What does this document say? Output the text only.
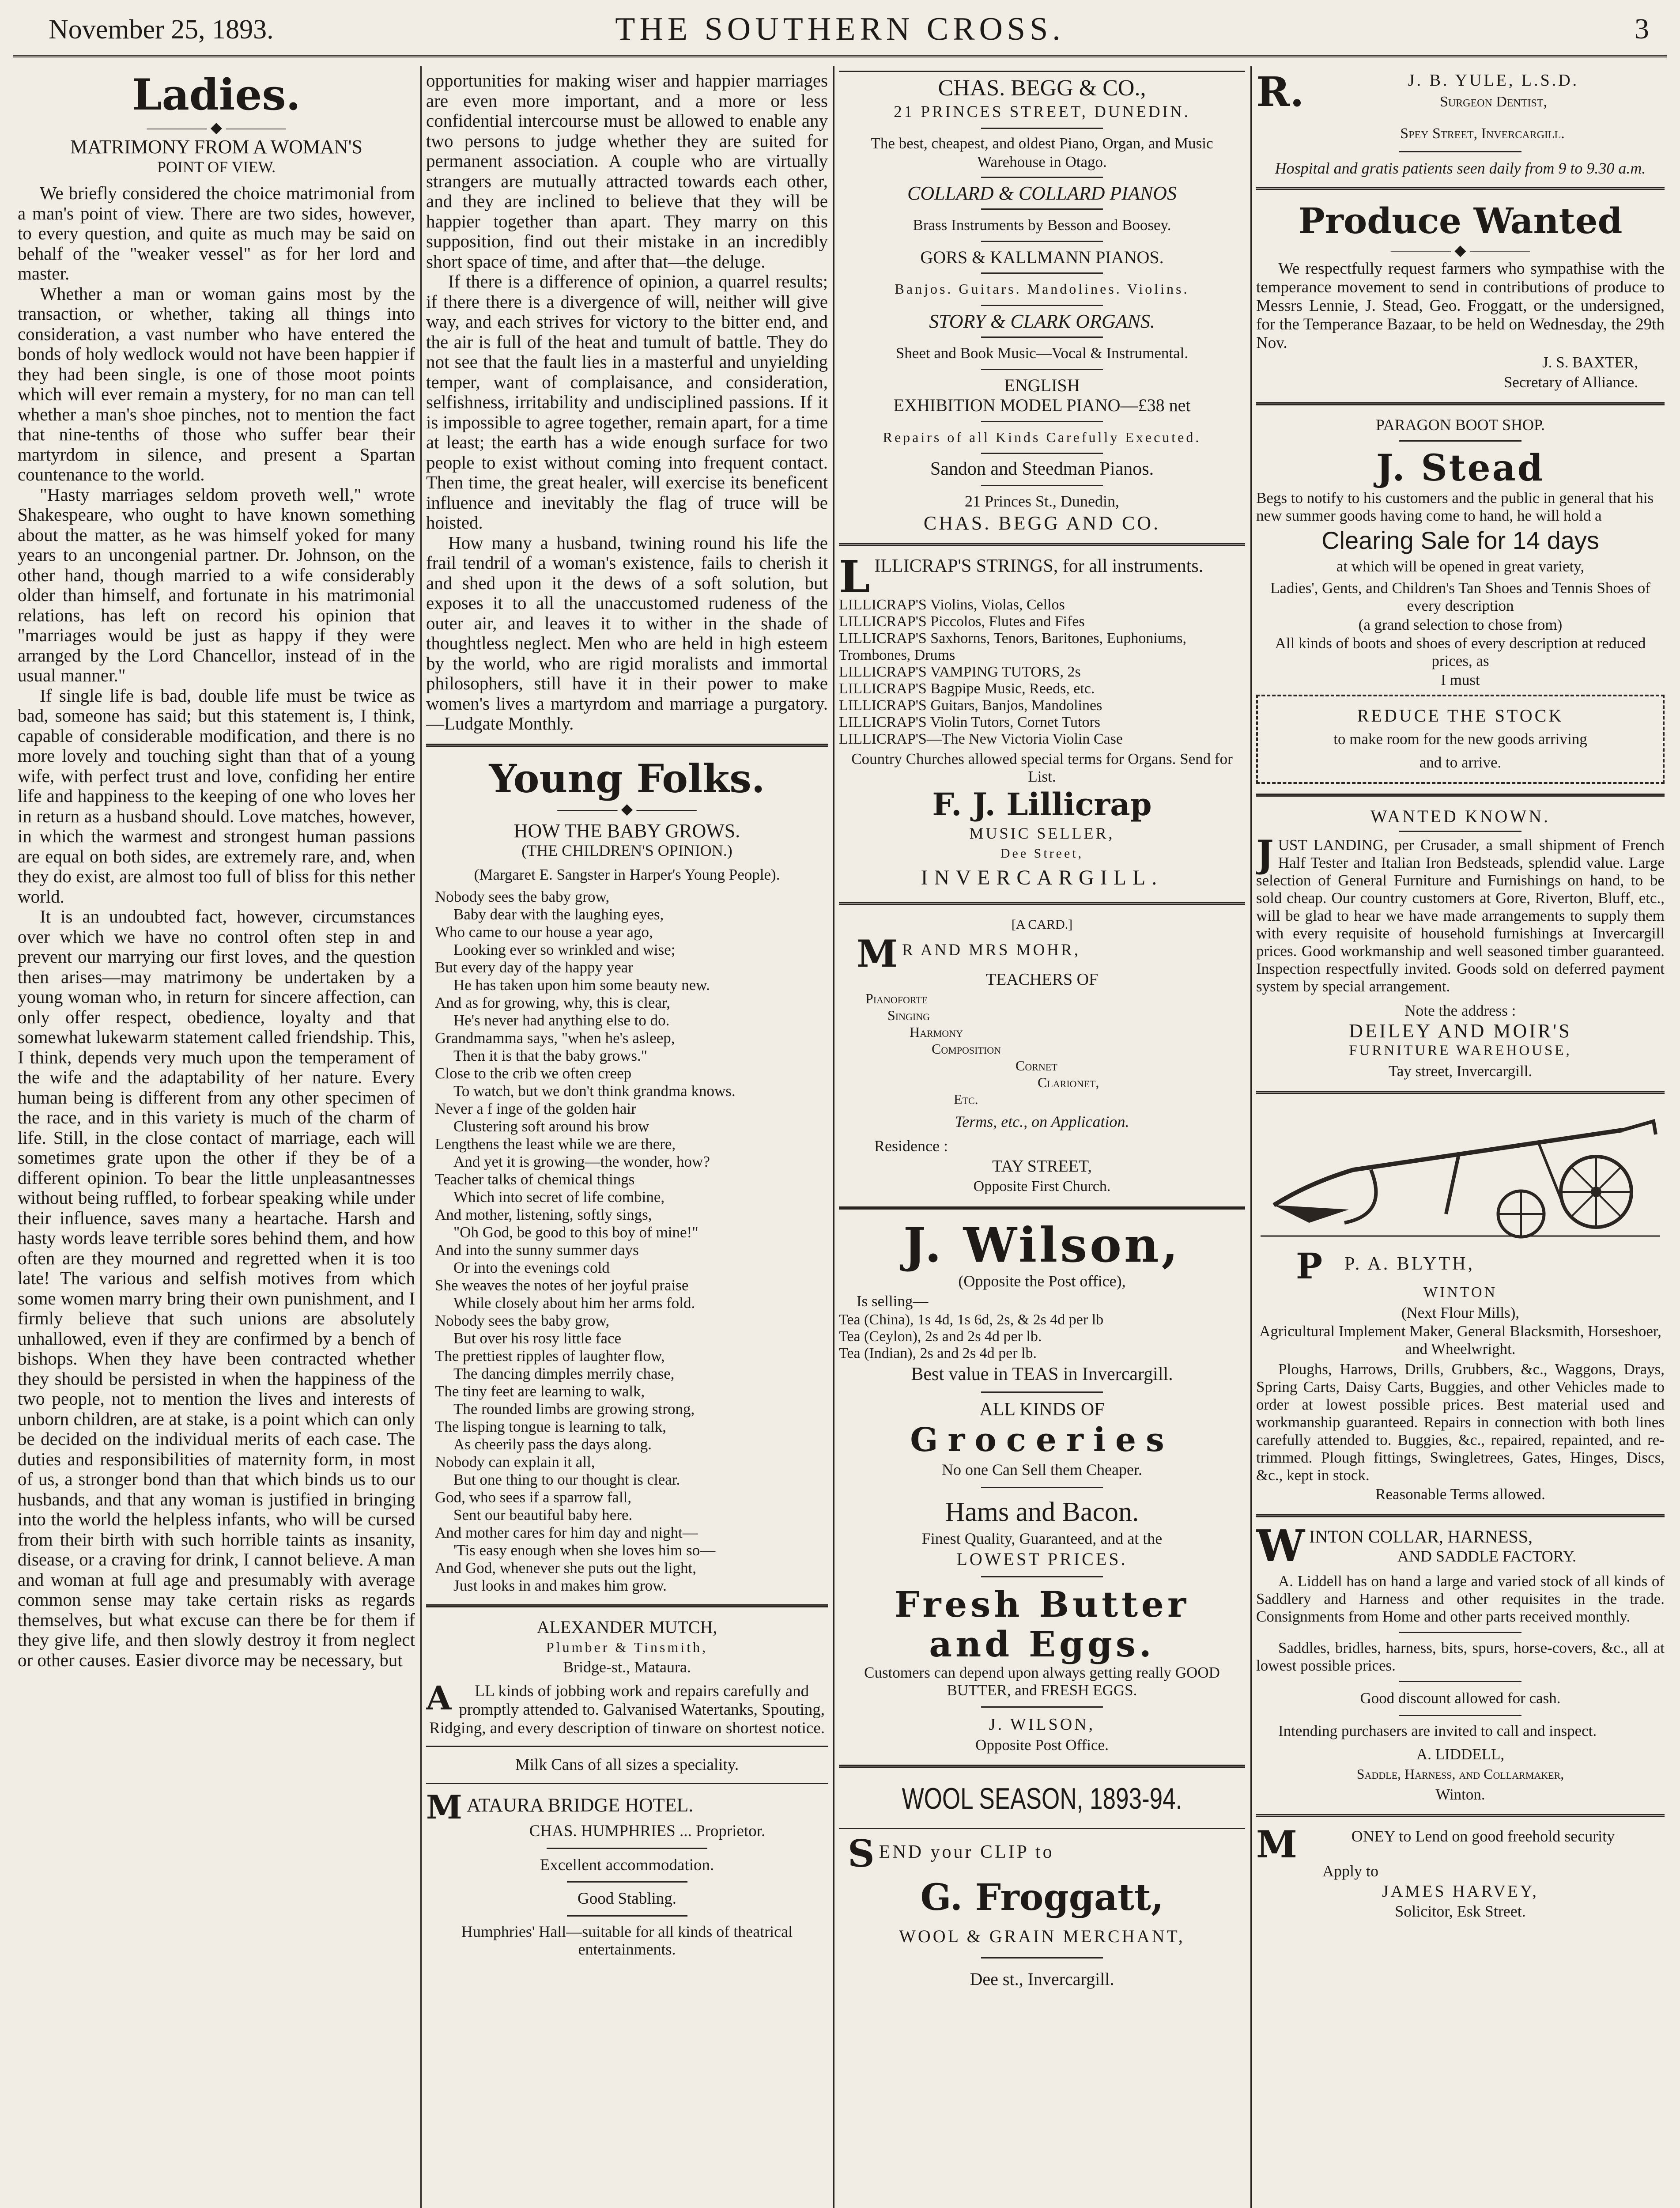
November 25, 1893.	THE SOUTHERN CROSS.	3
Ladies.
———— ◆ ————
MATRIMONY FROM A WOMAN'S
POINT OF VIEW.

We briefly considered the choice matrimonial from a man's point of view. There are two sides, however, to every question, and quite as much may be said on behalf of the "weaker vessel" as for her lord and master.

Whether a man or woman gains most by the transaction, or whether, taking all things into consideration, a vast number who have entered the bonds of holy wedlock would not have been happier if they had been single, is one of those moot points which will ever remain a mystery, for no man can tell whether a man's shoe pinches, not to mention the fact that nine-tenths of those who suffer bear their martyrdom in silence, and present a Spartan countenance to the world.

"Hasty marriages seldom proveth well," wrote Shakespeare, who ought to have known something about the matter, as he was himself yoked for many years to an uncongenial partner. Dr. Johnson, on the other hand, though married to a wife considerably older than himself, and fortunate in his matrimonial relations, has left on record his opinion that "marriages would be just as happy if they were arranged by the Lord Chancellor, instead of in the usual manner."

If single life is bad, double life must be twice as bad, someone has said; but this statement is, I think, capable of considerable modification, and there is no more lovely and touching sight than that of a young wife, with perfect trust and love, confiding her entire life and happiness to the keeping of one who loves her in return as a husband should. Love matches, however, in which the warmest and strongest human passions are equal on both sides, are extremely rare, and, when they do exist, are almost too full of bliss for this nether world.

It is an undoubted fact, however, circumstances over which we have no control often step in and prevent our marrying our first loves, and the question then arises—may matrimony be undertaken by a young woman who, in return for sincere affection, can only offer respect, obedience, loyalty and that somewhat lukewarm statement called friendship. This, I think, depends very much upon the temperament of the wife and the adaptability of her nature. Every human being is different from any other specimen of the race, and in this variety is much of the charm of life. Still, in the close contact of marriage, each will sometimes grate upon the other if they be of a different opinion. To bear the little unpleasantnesses without being ruffled, to forbear speaking while under their influence, saves many a heartache. Harsh and hasty words leave terrible sores behind them, and how often are they mourned and regretted when it is too late! The various and selfish motives from which some women marry bring their own punishment, and I firmly believe that such unions are absolutely unhallowed, even if they are confirmed by a bench of bishops. When they have been contracted whether they should be persisted in when the happiness of the two people, not to mention the lives and interests of unborn children, are at stake, is a point which can only be decided on the individual merits of each case. The duties and responsibilities of maternity form, in most of us, a stronger bond than that which binds us to our husbands, and that any woman is justified in bringing into the world the helpless infants, who will be cursed from their birth with such horrible taints as insanity, disease, or a craving for drink, I cannot believe. A man and woman at full age and presumably with average common sense may take certain risks as regards themselves, but what excuse can there be for them if they give life, and then slowly destroy it from neglect or other causes. Easier divorce may be necessary, but

opportunities for making wiser and happier marriages are even more important, and a more or less confidential intercourse must be allowed to enable any two persons to judge whether they are suited for permanent association. A couple who are virtually strangers are mutually attracted towards each other, and they are inclined to believe that they will be happier together than apart. They marry on this supposition, find out their mistake in an incredibly short space of time, and after that—the deluge.

If there is a difference of opinion, a quarrel results; if there there is a divergence of will, neither will give way, and each strives for victory to the bitter end, and the air is full of the heat and tumult of battle. They do not see that the fault lies in a masterful and unyielding temper, want of complaisance, and consideration, selfishness, irritability and undisciplined passions. If it is impossible to agree together, remain apart, for a time at least; the earth has a wide enough surface for two people to exist without coming into frequent contact. Then time, the great healer, will exercise its beneficent influence and inevitably the flag of truce will be hoisted.

How many a husband, twining round his life the frail tendril of a woman's existence, fails to cherish it and shed upon it the dews of a soft solution, but exposes it to all the unaccustomed rudeness of the outer air, and leaves it to wither in the shade of thoughtless neglect. Men who are held in high esteem by the world, who are rigid moralists and immortal philosophers, still have it in their power to make women's lives a martyrdom and marriage a purgatory.—Ludgate Monthly.

Young Folks.
———— ◆ ————
HOW THE BABY GROWS.
(THE CHILDREN'S OPINION.)
(Margaret E. Sangster in Harper's Young People).
Nobody sees the baby grow,
Baby dear with the laughing eyes,
Who came to our house a year ago,
Looking ever so wrinkled and wise;
But every day of the happy year
He has taken upon him some beauty new.
And as for growing, why, this is clear,
He's never had anything else to do.
Grandmamma says, "when he's asleep,
Then it is that the baby grows."
Close to the crib we often creep
To watch, but we don't think grandma knows.
Never a f inge of the golden hair
Clustering soft around his brow
Lengthens the least while we are there,
And yet it is growing—the wonder, how?
Teacher talks of chemical things
Which into secret of life combine,
And mother, listening, softly sings,
"Oh God, be good to this boy of mine!"
And into the sunny summer days
Or into the evenings cold
She weaves the notes of her joyful praise
While closely about him her arms fold.
Nobody sees the baby grow,
But over his rosy little face
The prettiest ripples of laughter flow,
The dancing dimples merrily chase,
The tiny feet are learning to walk,
The rounded limbs are growing strong,
The lisping tongue is learning to talk,
As cheerily pass the days along.
Nobody can explain it all,
But one thing to our thought is clear.
God, who sees if a sparrow fall,
Sent our beautiful baby here.
And mother cares for him day and night—
'Tis easy enough when she loves him so—
And God, whenever she puts out the light,
Just looks in and makes him grow.
ALEXANDER MUTCH,
Plumber & Tinsmith,
Bridge-st., Mataura.
A	LL kinds of jobbing work and repairs carefully and promptly attended to. Galvanised Watertanks, Spouting, Ridging, and every description of tinware on shortest notice.
Milk Cans of all sizes a speciality.
M ATAURA BRIDGE HOTEL.
CHAS. HUMPHRIES ... Proprietor.
Excellent accommodation.
Good Stabling.
Humphries' Hall—suitable for all kinds of theatrical entertainments.
CHAS. BEGG & CO.,
21 PRINCES STREET, DUNEDIN.
The best, cheapest, and oldest Piano, Organ, and Music Warehouse in Otago.
COLLARD & COLLARD PIANOS
Brass Instruments by Besson and Boosey.
GORS & KALLMANN PIANOS.
Banjos. Guitars. Mandolines. Violins.
STORY & CLARK ORGANS.
Sheet and Book Music—Vocal & Instrumental.
ENGLISH
EXHIBITION MODEL PIANO—£38 net
Repairs of all Kinds Carefully Executed.
Sandon and Steedman Pianos.
21 Princes St., Dunedin,
CHAS. BEGG AND CO.
L ILLICRAP'S STRINGS, for all instruments.
LILLICRAP'S Violins, Violas, Cellos
LILLICRAP'S Piccolos, Flutes and Fifes
LILLICRAP'S Saxhorns, Tenors, Baritones, Euphoniums, Trombones, Drums
LILLICRAP'S VAMPING TUTORS, 2s
LILLICRAP'S Bagpipe Music, Reeds, etc.
LILLICRAP'S Guitars, Banjos, Mandolines
LILLICRAP'S Violin Tutors, Cornet Tutors
LILLICRAP'S—The New Victoria Violin Case
Country Churches allowed special terms for Organs. Send for List.
F. J. Lillicrap
MUSIC SELLER,
Dee Street,
INVERCARGILL.
[A CARD.]
M R AND MRS MOHR,
TEACHERS OF
Pianoforte
Singing
Harmony
Composition
Cornet
Clarionet,
Etc.
Terms, etc., on Application.
Residence :
TAY STREET,
Opposite First Church.
J. Wilson,
(Opposite the Post office),
Is selling—
Tea (China), 1s 4d, 1s 6d, 2s, & 2s 4d per lb
Tea (Ceylon), 2s and 2s 4d per lb.
Tea (Indian), 2s and 2s 4d per lb.
Best value in TEAS in Invercargill.
ALL KINDS OF
Groceries
No one Can Sell them Cheaper.
Hams and Bacon.
Finest Quality, Guaranteed, and at the
LOWEST PRICES.
Fresh Butter
and Eggs.
Customers can depend upon always getting really GOOD BUTTER, and FRESH EGGS.
J. WILSON,
Opposite Post Office.
WOOL SEASON, 1893-94.
S END your CLIP to
G. Froggatt,
WOOL & GRAIN MERCHANT,
Dee st., Invercargill.
R.	J. B. YULE, L.S.D.
Surgeon Dentist,
Spey Street, Invercargill.
Hospital and gratis patients seen daily from 9 to 9.30 a.m.
Produce Wanted
———— ◆ ————

We respectfully request farmers who sympathise with the temperance movement to send in contributions of produce to Messrs Lennie, J. Stead, Geo. Froggatt, or the undersigned, for the Temperance Bazaar, to be held on Wednesday, the 29th Nov.

J. S. BAXTER,
Secretary of Alliance.
PARAGON BOOT SHOP.
J. Stead
Begs to notify to his customers and the public in general that his new summer goods having come to hand, he will hold a
Clearing Sale for 14 days
at which will be opened in great variety,
Ladies', Gents, and Children's Tan Shoes and Tennis Shoes of every description
(a grand selection to chose from)
All kinds of boots and shoes of every description at reduced prices, as
I must
REDUCE THE STOCK
to make room for the new goods arriving
and to arrive.
WANTED KNOWN.
J UST LANDING, per Crusader, a small shipment of French Half Tester and Italian Iron Bedsteads, splendid value. Large selection of General Furniture and Furnishings on hand, to be sold cheap. Our country customers at Gore, Riverton, Bluff, etc., will be glad to hear we have made arrangements to supply them with every requisite of household furnishings at Invercargill prices. Good workmanship and well seasoned timber guaranteed. Inspection respectfully invited. Goods sold on deferred payment system by special arrangement.

Note the address :
DEILEY AND MOIR'S
FURNITURE WAREHOUSE,
Tay street, Invercargill.
P P. A. BLYTH,
WINTON
(Next Flour Mills),
Agricultural Implement Maker, General Blacksmith, Horseshoer, and Wheelwright.

Ploughs, Harrows, Drills, Grubbers, &c., Waggons, Drays, Spring Carts, Daisy Carts, Buggies, and other Vehicles made to order at lowest possible prices. Best material used and workmanship guaranteed. Repairs in connection with both lines carefully attended to. Buggies, &c., repaired, repainted, and re-trimmed. Plough fittings, Swingletrees, Gates, Hinges, Discs, &c., kept in stock.

Reasonable Terms allowed.
W INTON COLLAR, HARNESS,
AND SADDLE FACTORY.

A. Liddell has on hand a large and varied stock of all kinds of Saddlery and Harness and other requisites in the trade. Consignments from Home and other parts received monthly.

Saddles, bridles, harness, bits, spurs, horse-covers, &c., all at lowest possible prices.

Good discount allowed for cash.

Intending purchasers are invited to call and inspect.

A. LIDDELL,
Saddle, Harness, and Collarmaker,
Winton.
M	ONEY to Lend on good freehold security
Apply to
JAMES HARVEY,
Solicitor, Esk Street.
